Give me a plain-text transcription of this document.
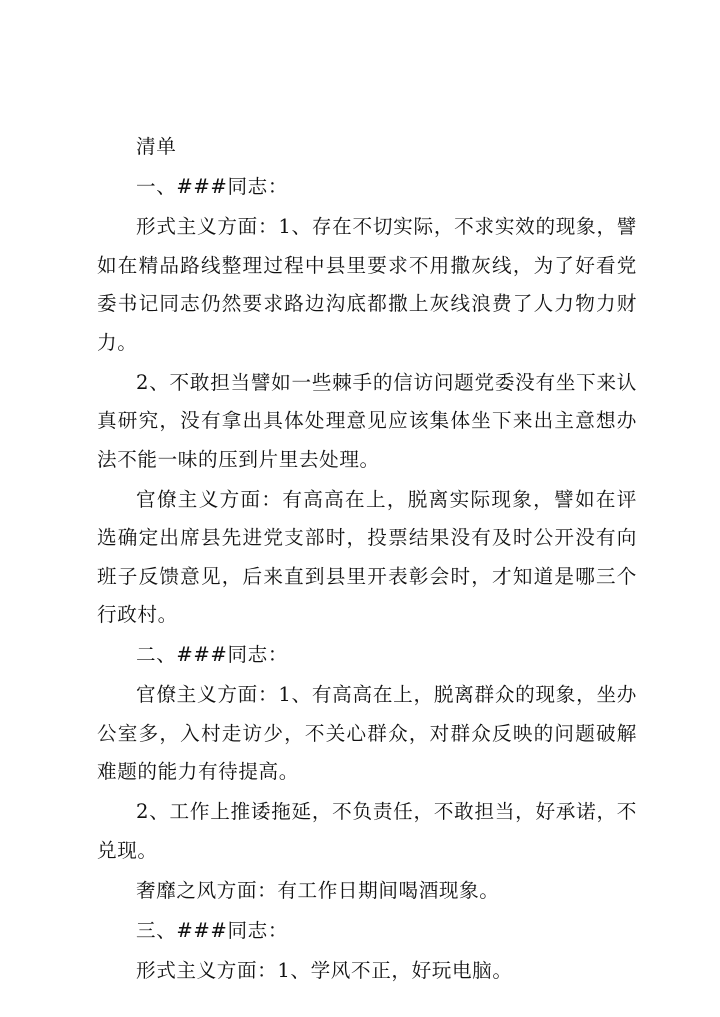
清单

一、###同志：

形式主义方面：1、存在不切实际，不求实效的现象，譬如在精品路线整理过程中县里要求不用撒灰线，为了好看党委书记同志仍然要求路边沟底都撒上灰线浪费了人力物力财力。

2、不敢担当譬如一些棘手的信访问题党委没有坐下来认真研究，没有拿出具体处理意见应该集体坐下来出主意想办法不能一味的压到片里去处理。

官僚主义方面：有高高在上，脱离实际现象，譬如在评选确定出席县先进党支部时，投票结果没有及时公开没有向班子反馈意见，后来直到县里开表彰会时，才知道是哪三个行政村。

二、###同志：

官僚主义方面：1、有高高在上，脱离群众的现象，坐办公室多，入村走访少，不关心群众，对群众反映的问题破解难题的能力有待提高。

2、工作上推诿拖延，不负责任，不敢担当，好承诺，不兑现。

奢靡之风方面：有工作日期间喝酒现象。

三、###同志：

形式主义方面：1、学风不正，好玩电脑。
